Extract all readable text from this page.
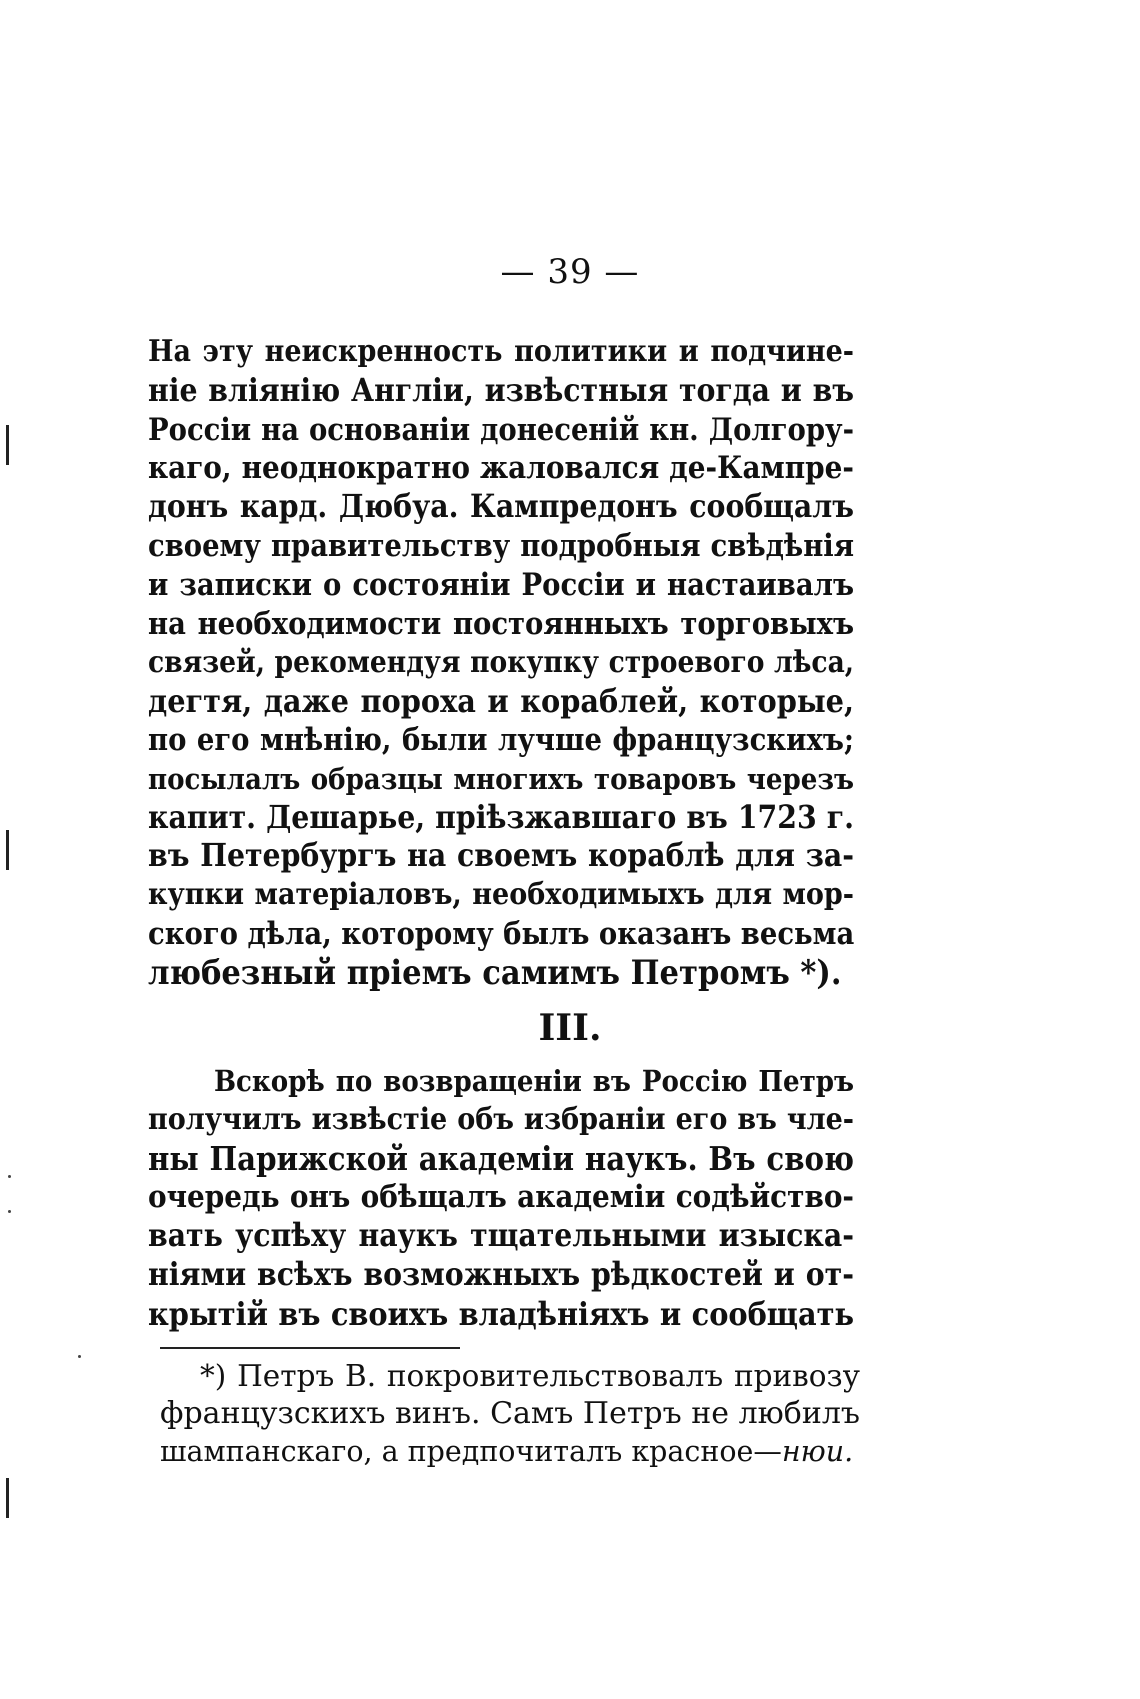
— 39 —
На эту неискренность политики и подчине-
ніе вліянію Англіи, извѣстныя тогда и въ
Россіи на основаніи донесеній кн. Долгору-
каго, неоднократно жаловался де-Кампре-
донъ кард. Дюбуа. Кампредонъ сообщалъ
своему правительству подробныя свѣдѣнія
и записки о состояніи Россіи и настаивалъ
на необходимости постоянныхъ торговыхъ
связей, рекомендуя покупку строевого лѣса,
дегтя, даже пороха и кораблей, которые,
по его мнѣнію, были лучше французскихъ;
посылалъ образцы многихъ товаровъ черезъ
капит. Дешарье, пріѣзжавшаго въ 1723 г.
въ Петербургъ на своемъ кораблѣ для за-
купки матеріаловъ, необходимыхъ для мор-
ского дѣла, которому былъ оказанъ весьма
любезный пріемъ самимъ Петромъ *).
III.
Вскорѣ по возвращеніи въ Россію Петръ
получилъ извѣстіе объ избраніи его въ чле-
ны Парижской академіи наукъ. Въ свою
очередь онъ обѣщалъ академіи содѣйство-
вать успѣху наукъ тщательными изыска-
ніями всѣхъ возможныхъ рѣдкостей и от-
крытій въ своихъ владѣніяхъ и сообщать
*) Петръ В. покровительствовалъ привозу
французскихъ винъ. Самъ Петръ не любилъ
шампанскаго, а предпочиталъ красное—нюи.
